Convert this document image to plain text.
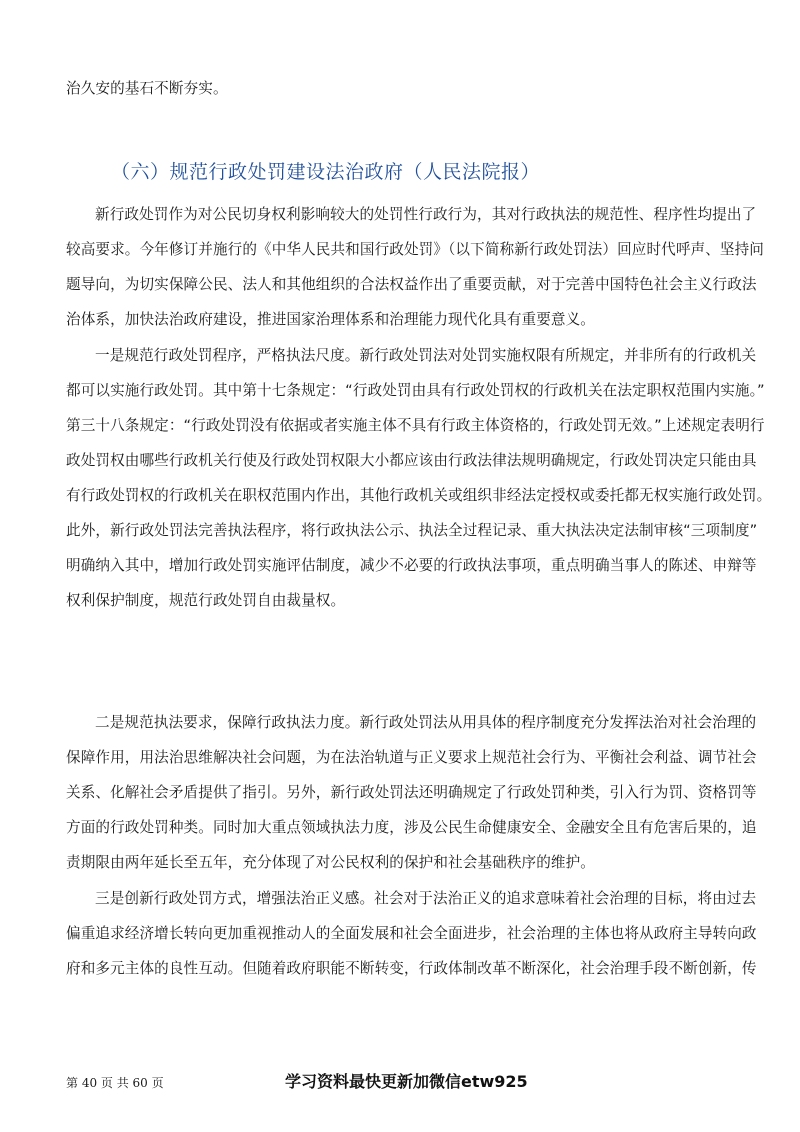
治久安的基石不断夯实。
（六）规范行政处罚建设法治政府（人民法院报）
新行政处罚作为对公民切身权利影响较大的处罚性行政行为，其对行政执法的规范性、程序性均提出了
较高要求。今年修订并施行的《中华人民共和国行政处罚》（以下简称新行政处罚法）回应时代呼声、坚持问
题导向，为切实保障公民、法人和其他组织的合法权益作出了重要贡献，对于完善中国特色社会主义行政法
治体系，加快法治政府建设，推进国家治理体系和治理能力现代化具有重要意义。
一是规范行政处罚程序，严格执法尺度。新行政处罚法对处罚实施权限有所规定，并非所有的行政机关
都可以实施行政处罚。其中第十七条规定：“行政处罚由具有行政处罚权的行政机关在法定职权范围内实施。”
第三十八条规定：“行政处罚没有依据或者实施主体不具有行政主体资格的，行政处罚无效。”上述规定表明行
政处罚权由哪些行政机关行使及行政处罚权限大小都应该由行政法律法规明确规定，行政处罚决定只能由具
有行政处罚权的行政机关在职权范围内作出，其他行政机关或组织非经法定授权或委托都无权实施行政处罚。
此外，新行政处罚法完善执法程序，将行政执法公示、执法全过程记录、重大执法决定法制审核“三项制度”
明确纳入其中，增加行政处罚实施评估制度，减少不必要的行政执法事项，重点明确当事人的陈述、申辩等
权利保护制度，规范行政处罚自由裁量权。
二是规范执法要求，保障行政执法力度。新行政处罚法从用具体的程序制度充分发挥法治对社会治理的
保障作用，用法治思维解决社会问题，为在法治轨道与正义要求上规范社会行为、平衡社会利益、调节社会
关系、化解社会矛盾提供了指引。另外，新行政处罚法还明确规定了行政处罚种类，引入行为罚、资格罚等
方面的行政处罚种类。同时加大重点领域执法力度，涉及公民生命健康安全、金融安全且有危害后果的，追
责期限由两年延长至五年，充分体现了对公民权利的保护和社会基础秩序的维护。
三是创新行政处罚方式，增强法治正义感。社会对于法治正义的追求意味着社会治理的目标，将由过去
偏重追求经济增长转向更加重视推动人的全面发展和社会全面进步，社会治理的主体也将从政府主导转向政
府和多元主体的良性互动。但随着政府职能不断转变，行政体制改革不断深化，社会治理手段不断创新，传
第 40 页 共 60 页	学习资料最快更新加微信etw925
